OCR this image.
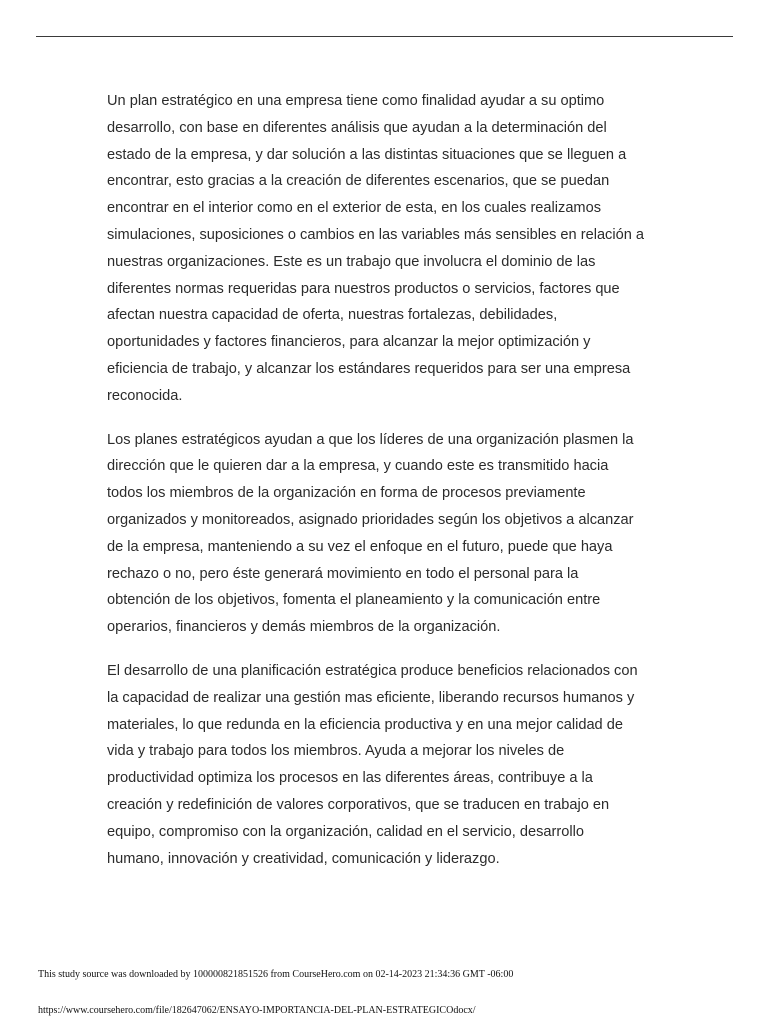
Un plan estratégico en una empresa tiene como finalidad ayudar a su optimo
desarrollo, con base en diferentes análisis que ayudan a la determinación del
estado de la empresa, y dar solución a las distintas situaciones que se lleguen a
encontrar, esto gracias a la creación de diferentes escenarios, que se puedan
encontrar en el interior como en el exterior de esta, en los cuales realizamos
simulaciones, suposiciones o cambios en las variables más sensibles en relación a
nuestras organizaciones. Este es un trabajo que involucra el dominio de las
diferentes normas requeridas para nuestros productos o servicios, factores que
afectan nuestra capacidad de oferta, nuestras fortalezas, debilidades,
oportunidades y factores financieros, para alcanzar la mejor optimización y
eficiencia de trabajo, y alcanzar los estándares requeridos para ser una empresa
reconocida.

Los planes estratégicos ayudan a que los líderes de una organización plasmen la
dirección que le quieren dar a la empresa, y cuando este es transmitido hacia
todos los miembros de la organización en forma de procesos previamente
organizados y monitoreados, asignado prioridades según los objetivos a alcanzar
de la empresa, manteniendo a su vez el enfoque en el futuro, puede que haya
rechazo o no, pero éste generará movimiento en todo el personal para la
obtención de los objetivos, fomenta el planeamiento y la comunicación entre
operarios, financieros y demás miembros de la organización.

El desarrollo de una planificación estratégica produce beneficios relacionados con
la capacidad de realizar una gestión mas eficiente, liberando recursos humanos y
materiales, lo que redunda en la eficiencia productiva y en una mejor calidad de
vida y trabajo para todos los miembros. Ayuda a mejorar los niveles de
productividad optimiza los procesos en las diferentes áreas, contribuye a la
creación y redefinición de valores corporativos, que se traducen en trabajo en
equipo, compromiso con la organización, calidad en el servicio, desarrollo
humano, innovación y creatividad, comunicación y liderazgo.

This study source was downloaded by 100000821851526 from CourseHero.com on 02-14-2023 21:34:36 GMT -06:00
https://www.coursehero.com/file/182647062/ENSAYO-IMPORTANCIA-DEL-PLAN-ESTRATEGICOdocx/
